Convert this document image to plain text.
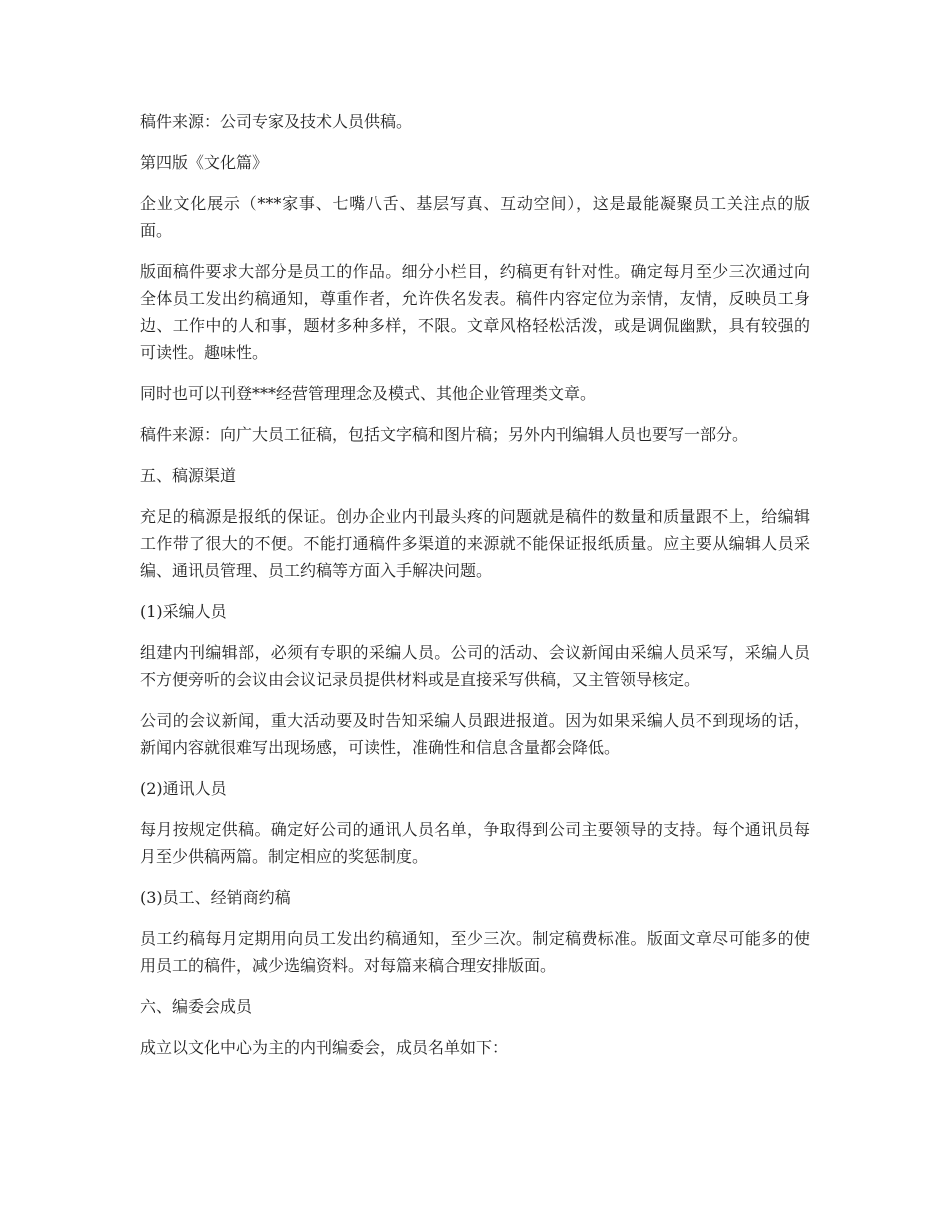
稿件来源：公司专家及技术人员供稿。

第四版《文化篇》

企业文化展示（***家事、七嘴八舌、基层写真、互动空间），这是最能凝聚员工关注点的版面。

版面稿件要求大部分是员工的作品。细分小栏目，约稿更有针对性。确定每月至少三次通过向全体员工发出约稿通知，尊重作者，允许佚名发表。稿件内容定位为亲情，友情，反映员工身边、工作中的人和事，题材多种多样，不限。文章风格轻松活泼，或是调侃幽默，具有较强的可读性。趣味性。

同时也可以刊登***经营管理理念及模式、其他企业管理类文章。

稿件来源：向广大员工征稿，包括文字稿和图片稿；另外内刊编辑人员也要写一部分。

五、稿源渠道

充足的稿源是报纸的保证。创办企业内刊最头疼的问题就是稿件的数量和质量跟不上，给编辑工作带了很大的不便。不能打通稿件多渠道的来源就不能保证报纸质量。应主要从编辑人员采编、通讯员管理、员工约稿等方面入手解决问题。

(1)采编人员

组建内刊编辑部，必须有专职的采编人员。公司的活动、会议新闻由采编人员采写，采编人员不方便旁听的会议由会议记录员提供材料或是直接采写供稿，又主管领导核定。

公司的会议新闻，重大活动要及时告知采编人员跟进报道。因为如果采编人员不到现场的话，新闻内容就很难写出现场感，可读性，准确性和信息含量都会降低。

(2)通讯人员

每月按规定供稿。确定好公司的通讯人员名单，争取得到公司主要领导的支持。每个通讯员每月至少供稿两篇。制定相应的奖惩制度。

(3)员工、经销商约稿

员工约稿每月定期用向员工发出约稿通知，至少三次。制定稿费标准。版面文章尽可能多的使用员工的稿件，减少选编资料。对每篇来稿合理安排版面。

六、编委会成员

成立以文化中心为主的内刊编委会，成员名单如下：
